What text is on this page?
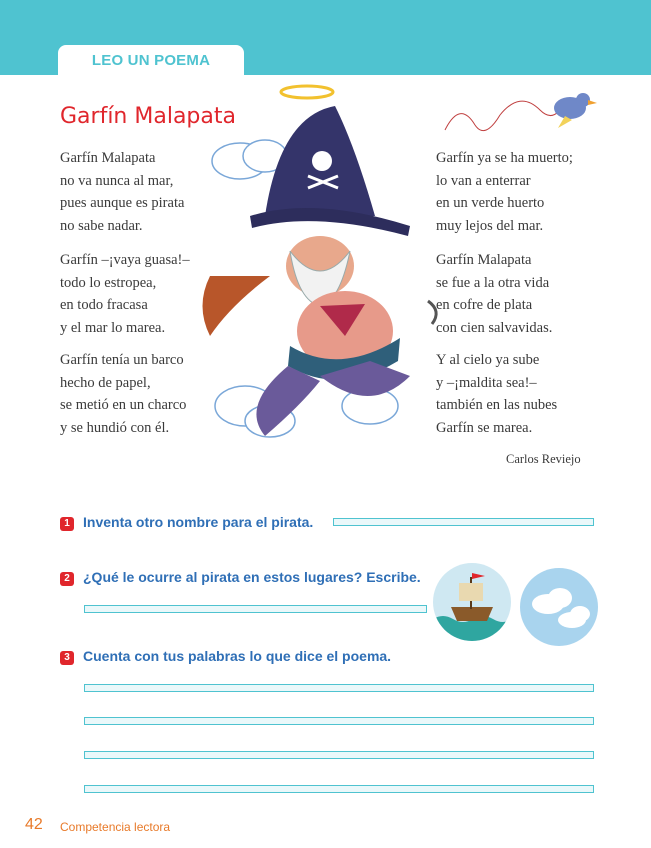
LEO UN POEMA
Garfín Malapata
Garfín Malapata
no va nunca al mar,
pues aunque es pirata
no sabe nadar.
Garfín –¡vaya guasa!–
todo lo estropea,
en todo fracasa
y el mar lo marea.
Garfín tenía un barco
hecho de papel,
se metió en un charco
y se hundió con él.
Garfín ya se ha muerto;
lo van a enterrar
en un verde huerto
muy lejos del mar.
Garfín Malapata
se fue a la otra vida
en cofre de plata
con cien salvavidas.
Y al cielo ya sube
y –¡maldita sea!–
también en las nubes
Garfín se marea.
Carlos Reviejo
1 Inventa otro nombre para el pirata.
2 ¿Qué le ocurre al pirata en estos lugares? Escribe.
3 Cuenta con tus palabras lo que dice el poema.
42 Competencia lectora
